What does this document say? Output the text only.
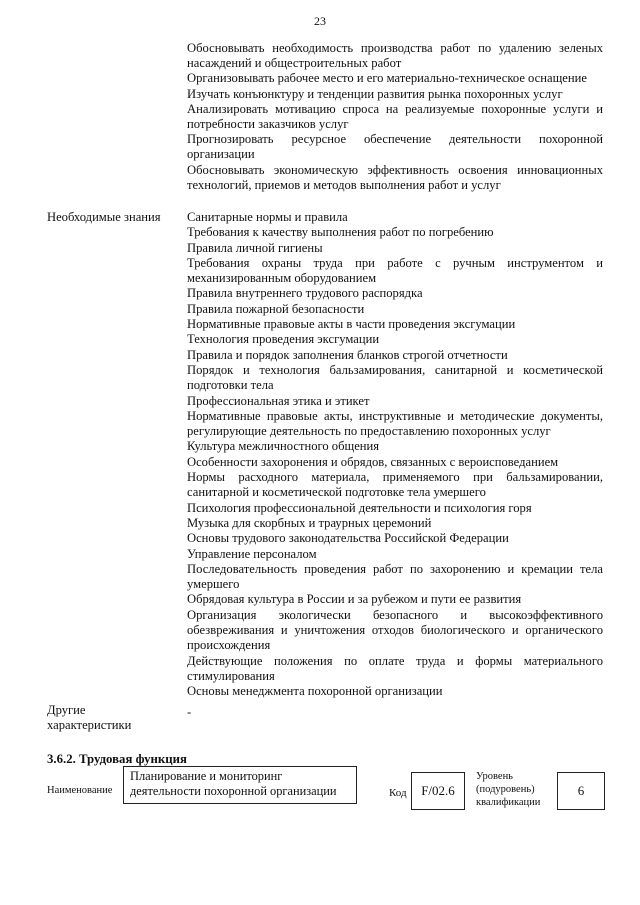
23
Обосновывать необходимость производства работ по удалению зеленых насаждений и общестроительных работ
Организовывать рабочее место и его материально-техническое оснащение
Изучать конъюнктуру и тенденции развития рынка похоронных услуг
Анализировать мотивацию спроса на реализуемые похоронные услуги и потребности заказчиков услуг
Прогнозировать ресурсное обеспечение деятельности похоронной организации
Обосновывать экономическую эффективность освоения инновационных технологий, приемов и методов выполнения работ и услуг
Необходимые знания Санитарные нормы и правила
Требования к качеству выполнения работ по погребению
Правила личной гигиены
Требования охраны труда при работе с ручным инструментом и механизированным оборудованием
Правила внутреннего трудового распорядка
Правила пожарной безопасности
Нормативные правовые акты в части проведения эксгумации
Технология проведения эксгумации
Правила и порядок заполнения бланков строгой отчетности
Порядок и технология бальзамирования, санитарной и косметической подготовки тела
Профессиональная этика и этикет
Нормативные правовые акты, инструктивные и методические документы, регулирующие деятельность по предоставлению похоронных услуг
Культура межличностного общения
Особенности захоронения и обрядов, связанных с вероисповеданием
Нормы расходного материала, применяемого при бальзамировании, санитарной и косметической подготовке тела умершего
Психология профессиональной деятельности и психология горя
Музыка для скорбных и траурных церемоний
Основы трудового законодательства Российской Федерации
Управление персоналом
Последовательность проведения работ по захоронению и кремации тела умершего
Обрядовая культура в России и за рубежом и пути ее развития
Организация экологически безопасного и высокоэффективного обезвреживания и уничтожения отходов биологического и органического происхождения
Действующие положения по оплате труда и формы материального стимулирования
Основы менеджмента похоронной организации
Другие характеристики
-
3.6.2. Трудовая функция
Наименование
Планирование и мониторинг деятельности похоронной организации	Код	F/02.6
Уровень (подуровень) квалификации
6
